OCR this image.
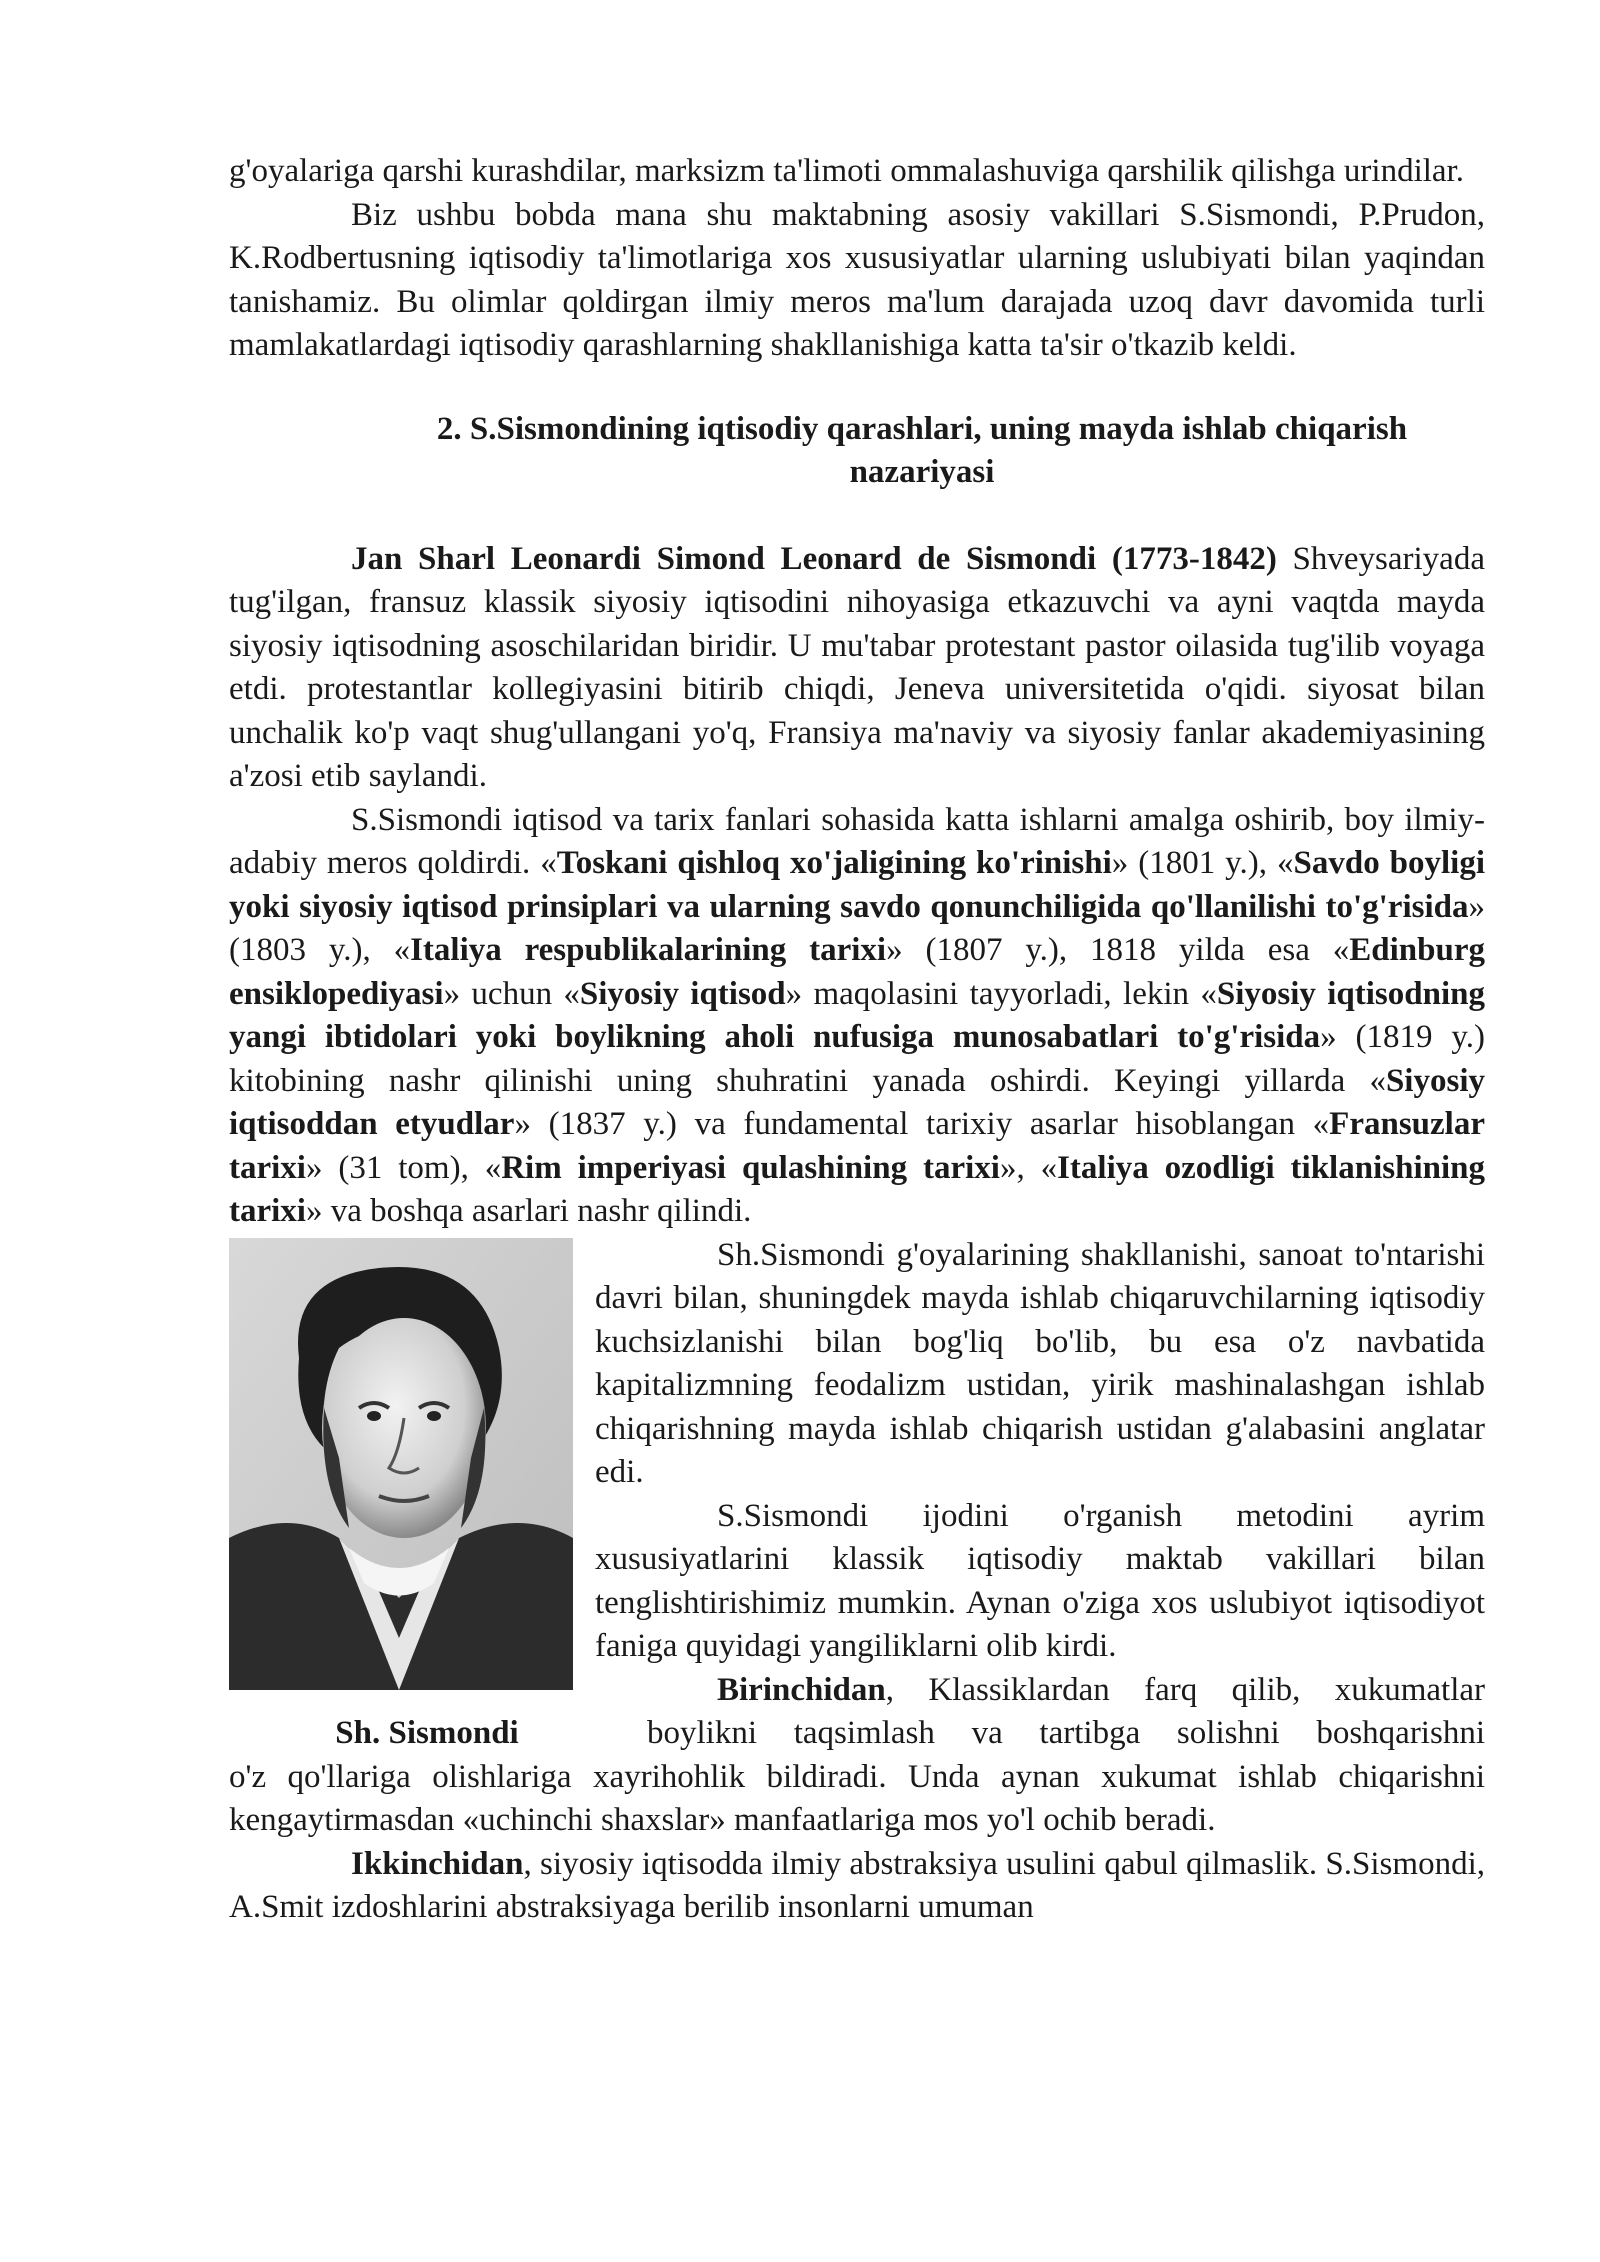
g'oyalariga qarshi kurashdilar, marksizm ta'limoti ommalashuviga qarshilik qilishga urindilar.

Biz ushbu bobda mana shu maktabning asosiy vakillari S.Sismondi, P.Prudon, K.Rodbertusning iqtisodiy ta'limotlariga xos xususiyatlar ularning uslubiyati bilan yaqindan tanishamiz. Bu olimlar qoldirgan ilmiy meros ma'lum darajada uzoq davr davomida turli mamlakatlardagi iqtisodiy qarashlarning shakllanishiga katta ta'sir o'tkazib keldi.

2. S.Sismondining iqtisodiy qarashlari, uning mayda ishlab chiqarish
nazariyasi

Jan Sharl Leonardi Simond Leonard de Sismondi (1773-1842) Shveysariyada tug'ilgan, fransuz klassik siyosiy iqtisodini nihoyasiga etkazuvchi va ayni vaqtda mayda siyosiy iqtisodning asoschilaridan biridir. U mu'tabar protestant pastor oilasida tug'ilib voyaga etdi. protestantlar kollegiyasini bitirib chiqdi, Jeneva universitetida o'qidi. siyosat bilan unchalik ko'p vaqt shug'ullangani yo'q, Fransiya ma'naviy va siyosiy fanlar akademiyasining a'zosi etib saylandi.

S.Sismondi iqtisod va tarix fanlari sohasida katta ishlarni amalga oshirib, boy ilmiy-adabiy meros qoldirdi. «Toskani qishloq xo'jaligining ko'rinishi» (1801 y.), «Savdo boyligi yoki siyosiy iqtisod prinsiplari va ularning savdo qonunchiligida qo'llanilishi to'g'risida» (1803 y.), «Italiya respublikalarining tarixi» (1807 y.), 1818 yilda esa «Edinburg ensiklopediyasi» uchun «Siyosiy iqtisod» maqolasini tayyorladi, lekin «Siyosiy iqtisodning yangi ibtidolari yoki boylikning aholi nufusiga munosabatlari to'g'risida» (1819 y.) kitobining nashr qilinishi uning shuhratini yanada oshirdi. Keyingi yillarda «Siyosiy iqtisoddan etyudlar» (1837 y.) va fundamental tarixiy asarlar hisoblangan «Fransuzlar tarixi» (31 tom), «Rim imperiyasi qulashining tarixi», «Italiya ozodligi tiklanishining tarixi» va boshqa asarlari nashr qilindi.

Sh.Sismondi g'oyalarining shakllanishi, sanoat to'ntarishi davri bilan, shuningdek mayda ishlab chiqaruvchilarning iqtisodiy kuchsizlanishi bilan bog'liq bo'lib, bu esa o'z navbatida kapitalizmning feodalizm ustidan, yirik mashinalashgan ishlab chiqarishning mayda ishlab chiqarish ustidan g'alabasini anglatar edi.

S.Sismondi ijodini o'rganish metodini ayrim xususiyatlarini klassik iqtisodiy maktab vakillari bilan tenglishtirishimiz mumkin. Aynan o'ziga xos uslubiyot iqtisodiyot faniga quyidagi yangiliklarni olib kirdi.

Birinchidan, Klassiklardan farq qilib, xukumatlar

Sh. Sismondi	boylikni taqsimlash va tartibga solishni boshqarishni

o'z qo'llariga olishlariga xayrihohlik bildiradi. Unda aynan xukumat ishlab chiqarishni kengaytirmasdan «uchinchi shaxslar» manfaatlariga mos yo'l ochib beradi.

Ikkinchidan, siyosiy iqtisodda ilmiy abstraksiya usulini qabul qilmaslik. S.Sismondi, A.Smit izdoshlarini abstraksiyaga berilib insonlarni umuman
